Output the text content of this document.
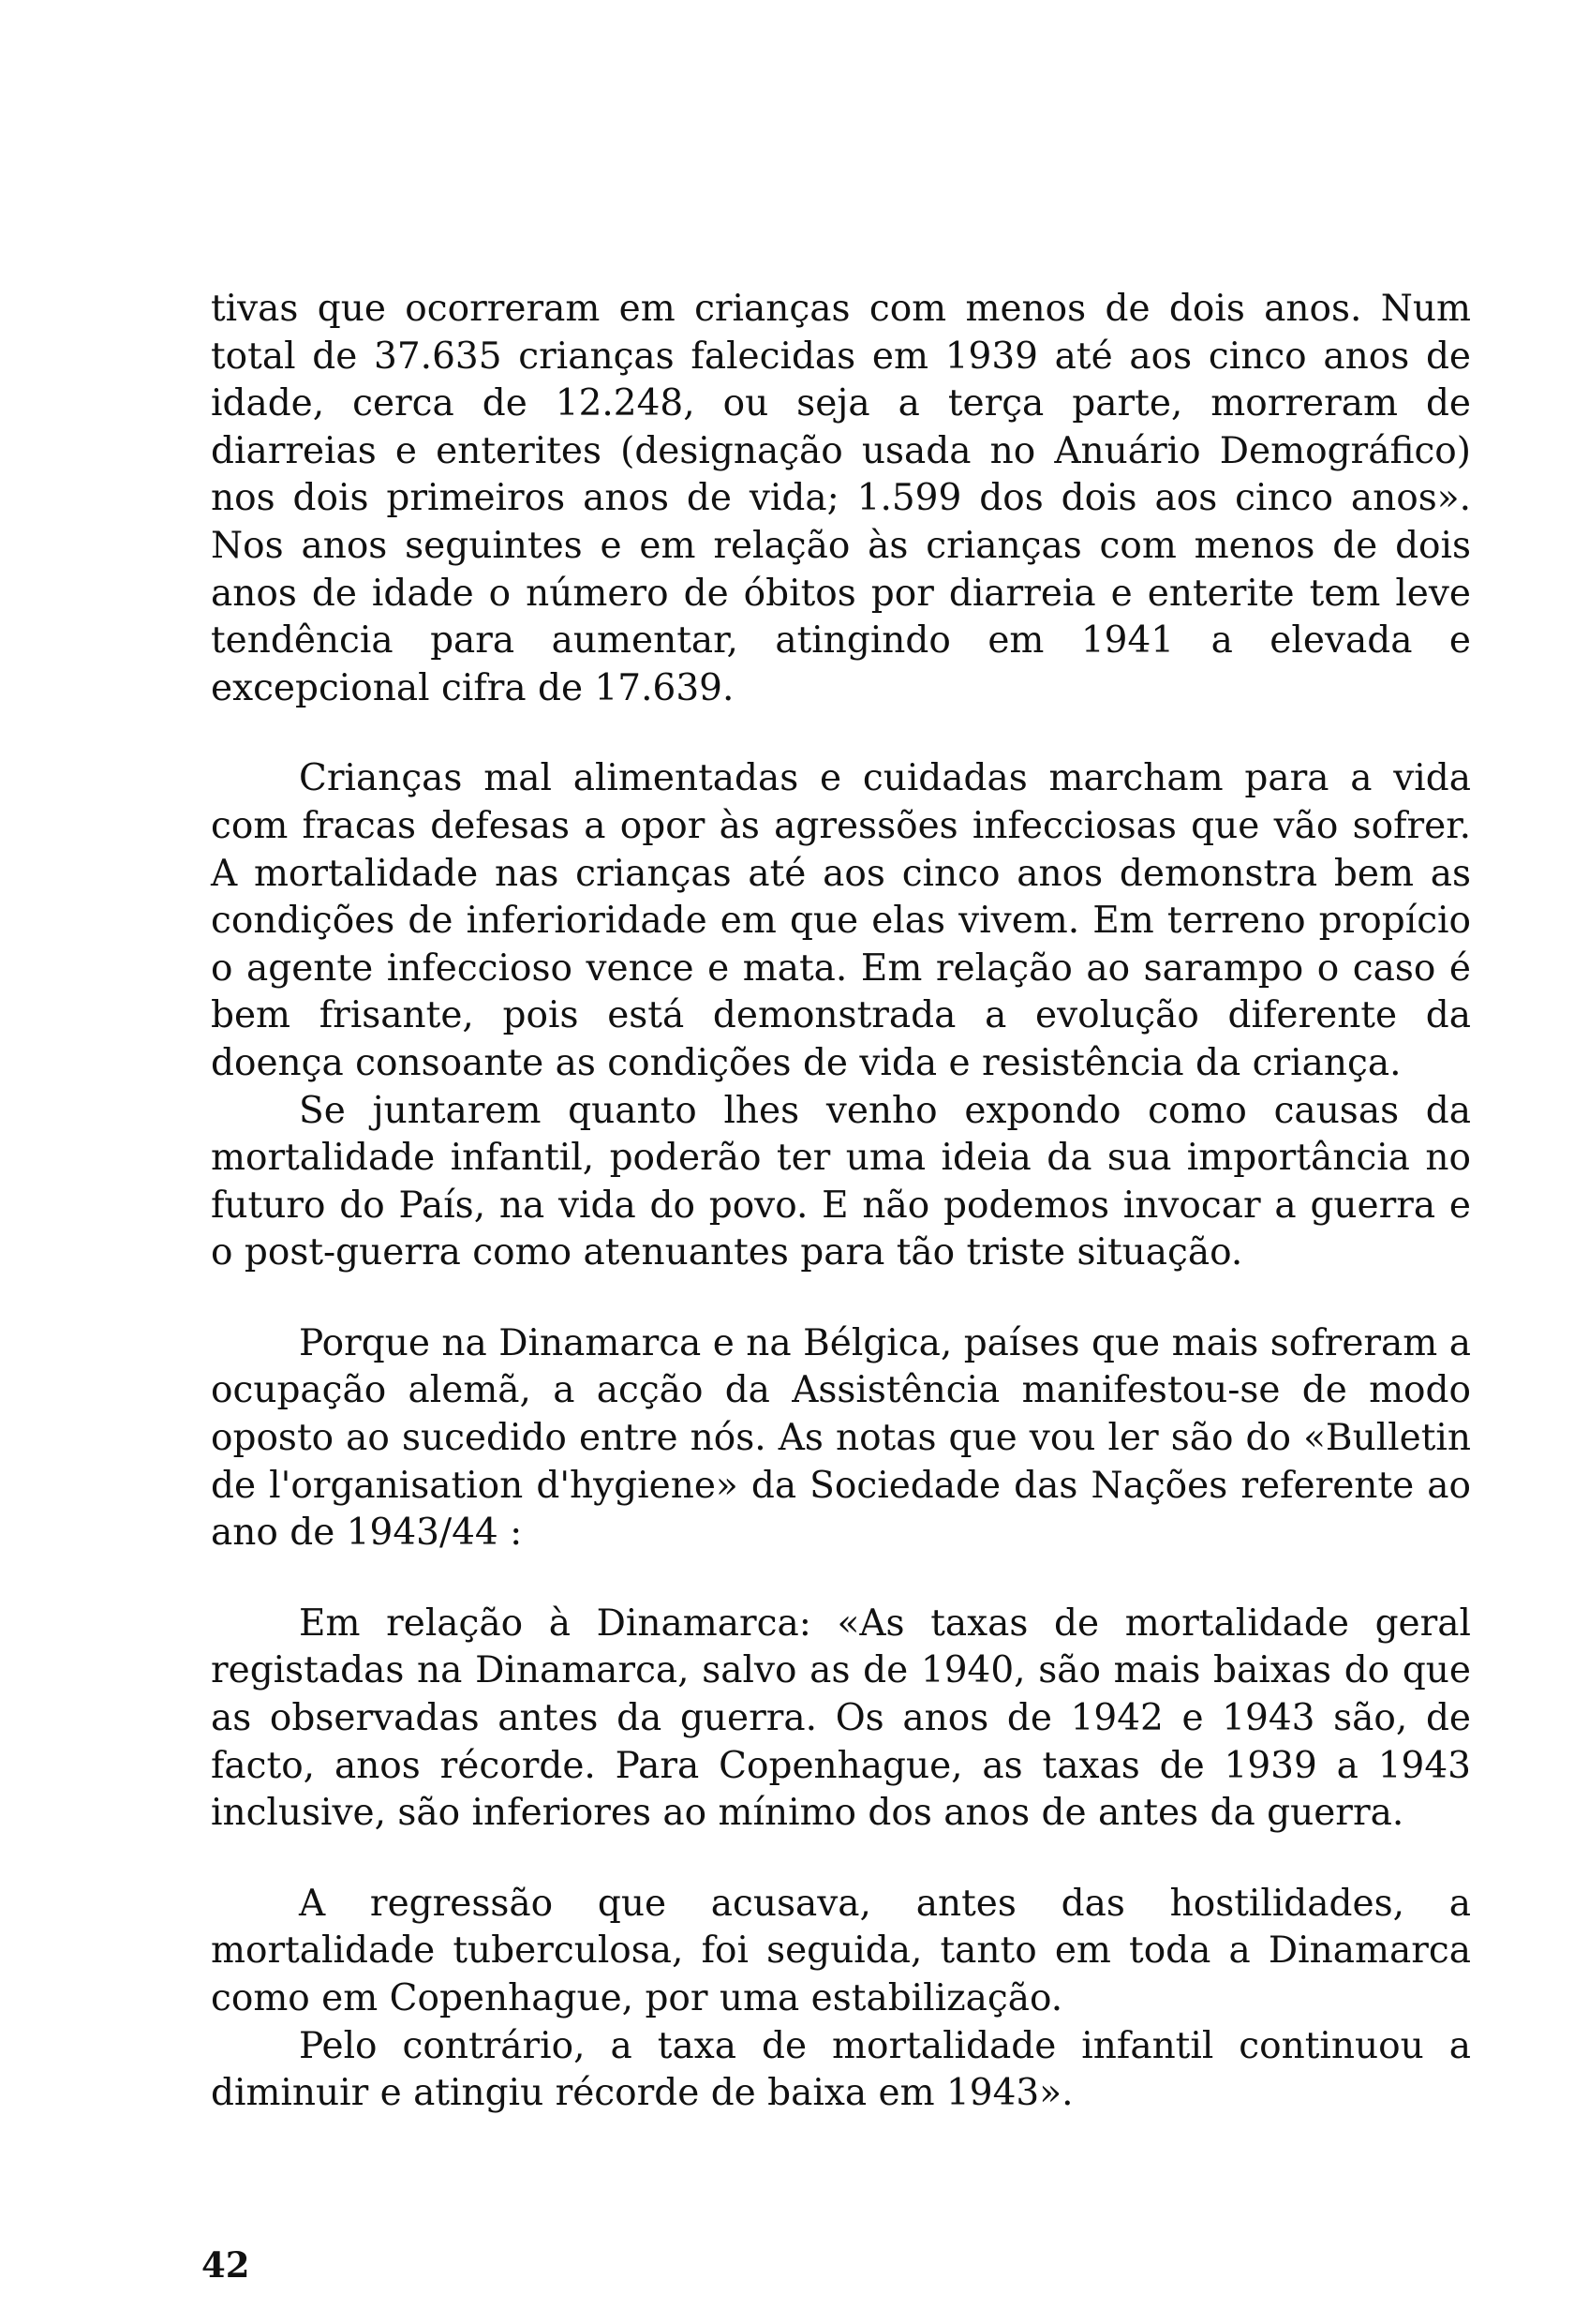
tivas que ocorreram em crianças com menos de dois anos. Num total de 37.635 crianças falecidas em 1939 até aos cinco anos de idade, cerca de 12.248, ou seja a terça parte, morreram de diarreias e enterites (designação usada no Anuário Demográfico) nos dois primeiros anos de vida; 1.599 dos dois aos cinco anos». Nos anos seguintes e em relação às crianças com menos de dois anos de idade o número de óbitos por diarreia e enterite tem leve tendência para aumentar, atingindo em 1941 a elevada e excepcional cifra de 17.639.

Crianças mal alimentadas e cuidadas marcham para a vida com fracas defesas a opor às agressões infecciosas que vão sofrer. A mortalidade nas crianças até aos cinco anos demonstra bem as condições de inferioridade em que elas vivem. Em terreno propício o agente infeccioso vence e mata. Em relação ao sarampo o caso é bem frisante, pois está demonstrada a evolução diferente da doença consoante as condições de vida e resistência da criança.

Se juntarem quanto lhes venho expondo como causas da mortalidade infantil, poderão ter uma ideia da sua importância no futuro do País, na vida do povo. E não podemos invocar a guerra e o post-guerra como atenuantes para tão triste situação.

Porque na Dinamarca e na Bélgica, países que mais sofreram a ocupação alemã, a acção da Assistência manifestou-se de modo oposto ao sucedido entre nós. As notas que vou ler são do «Bulletin de l'organisation d'hygiene» da Sociedade das Nações referente ao ano de 1943/44 :

Em relação à Dinamarca: «As taxas de mortalidade geral registadas na Dinamarca, salvo as de 1940, são mais baixas do que as observadas antes da guerra. Os anos de 1942 e 1943 são, de facto, anos récorde. Para Copenhague, as taxas de 1939 a 1943 inclusive, são inferiores ao mínimo dos anos de antes da guerra.

A regressão que acusava, antes das hostilidades, a mortalidade tuberculosa, foi seguida, tanto em toda a Dinamarca como em Copenhague, por uma estabilização.

Pelo contrário, a taxa de mortalidade infantil continuou a diminuir e atingiu récorde de baixa em 1943».

42
